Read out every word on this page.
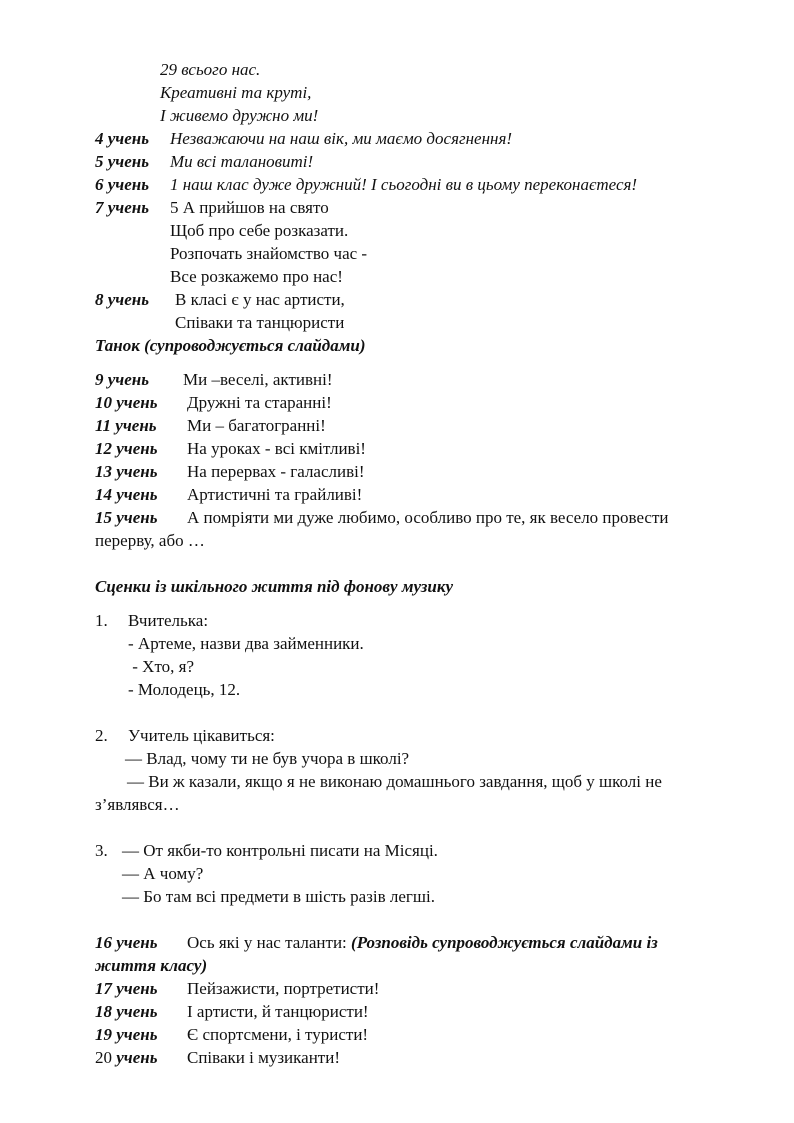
29 всього нас.
Креативні та круті,
І живемо дружно ми!
4 учень Незважаючи на наш вік, ми маємо досягнення!
5 учень Ми всі талановиті!
6 учень 1 наш клас дуже дружний! І сьогодні ви в цьому переконаєтеся!
7 учень 5 А прийшов на свято
Щоб про себе розказати.
Розпочать знайомство час -
Все розкажемо про нас!
8 учень В класі є у нас артисти,
Співаки та танцюристи
Танок (супроводжується слайдами)
9 учень Ми –веселі, активні!
10 учень Дружні та старанні!
11 учень Ми – багатогранні!
12 учень На уроках - всі кмітливі!
13 учень На перервах - галасливі!
14 учень Артистичні та грайливі!
15 учень А помріяти ми дуже любимо, особливо про те, як весело провести
перерву, або …
Сценки із шкільного життя під фонову музику
1. Вчителька:
- Артеме, назви два займенники.
- Хто, я?
- Молодець, 12.
2. Учитель цікавиться:
— Влад, чому ти не був учора в школі?
— Ви ж казали, якщо я не виконаю домашнього завдання, щоб у школі не
з’являвся…
3. — От якби-то контрольні писати на Місяці.
— А чому?
— Бо там всі предмети в шість разів легші.
16 учень Ось які у нас таланти: (Розповідь супроводжується слайдами із
життя класу)
17 учень Пейзажисти, портретисти!
18 учень І артисти, й танцюристи!
19 учень Є спортсмени, і туристи!
20 учень Співаки і музиканти!
